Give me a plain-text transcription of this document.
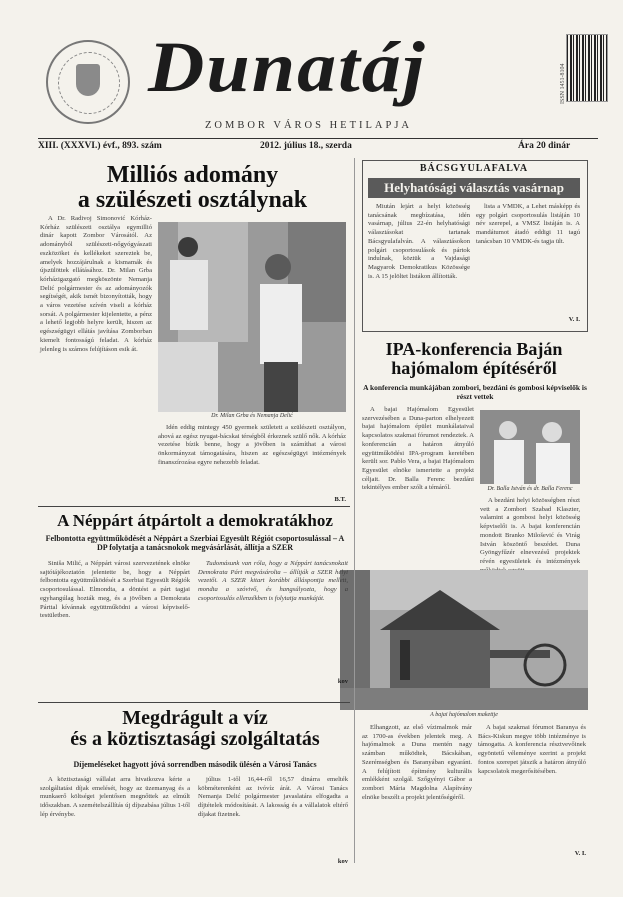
Dunatáj
ZOMBOR VÁROS HETILAPJA
ISSN 1451-8104
XIII. (XXXVI.) évf., 893. szám	2012. július 18., szerda	Ára 20 dinár
Milliós adomány
a szülészeti osztálynak

A Dr. Radivoj Simonović Kórház-Kórház szülészeti osztálya egymillió dinár kapott Zombor Városától. Az adományból szülészeti-nőgyógyászati eszközöket és kellékeket szereztek be, amelyek hozzájárulnak a kismamák és újszülöttek ellátásához. Dr. Milan Grba kórházigazgató megköszönte Nemanja Delić polgármester és az adományozók segítségét, akik ismét bizonyították, hogy a város vezetése szívén viseli a kórház sorsát. A polgármester kijelentette, a pénz a lehető legjobb helyre került, hiszen az egészségügyi ellátás javítása Zomborban kiemelt fontosságú feladat. A kórház jelenleg is számos felújításon esik át.

Dr. Milan Grba és Nemanja Delić

Idén eddig mintegy 450 gyermek született a szülészeti osztályon, ahová az egész nyugat-bácskai térségből érkeznek szülő nők. A kórház vezetése bízik benne, hogy a jövőben is számíthat a városi önkormányzat támogatására, hiszen az egészségügyi intézmények finanszírozása egyre nehezebb feladat.

B.T.
BÁCSGYULAFALVA
Helyhatósági választás vasárnap

Miután lejárt a helyi közösség tanácsának megbízatása, idén vasárnap, július 22-én helyhatósági választásokat tartanak Bácsgyulafalván. A választásokon polgári csoportosulások és pártok indulnak, köztük a Vajdasági Magyarok Demokratikus Közössége is. A 15 jelöltet listákon állították.

lista a VMDK, a Lehet másképp és egy polgári csoportosulás listáján 10 név szerepel, a VMSZ listáján is. A mandátumot átadó eddigi 11 tagú tanácsban 10 VMDK-és tagja ült.

V. I.
IPA-konferencia Baján
hajómalom építéséről
A konferencia munkájában zombori, bezdáni és gombosi képviselők is részt vettek

A bajai Hajómalom Egyesület szervezésében a Duna-parton elhelyezett bajai hajómalom épület munkálataival kapcsolatos szakmai fórumot rendeztek. A konferencián a határon átnyúló együttműködési IPA-program keretében került sor. Pablo Vera, a bajai Hajómalom Egyesület elnöke ismertette a projekt céljait. Dr. Balla Ferenc bezdáni tekintélyes ember szólt a témáról.	Dr. Balla István és dr. Balla Ferenc

A bezdáni helyi közösségben részt vett a Zombori Szabad Klaszter, valamint a gombosi helyi közösség képviselői is. A bajai konferencián mondott Branko Milošević és Virág István köszöntő beszédet. Duna Gyöngyfűzér elnevezésű projektek révén egyesületek és intézmények

A bajai hajómalom makettje

Elhangzott, az első vízimalmok már az 1700-as években jelentek meg. A hajómalmok a Duna mentén nagy számban működtek, Bácskában, Szerémségben és Baranyában egyaránt. A felújított építmény kulturális emlékként szolgál. Szőgyényi Gábor a zombori Mária Magdolna Alapítvány elnöke beszélt a projekt jelentőségéről.

A bajai szakmai fórumot Baranya és Bács-Kiskun megye több intézménye is támogatta. A konferencia résztvevőinek egyöntetű véleménye szerint a projekt fontos szerepet játszik a határon átnyúló kapcsolatok megerősítésében.

V. I.
A Néppárt átpártolt a demokratákhoz
Felbontotta együttműködését a Néppárt a Szerbiai Egyesült Régiót csoportosulással – A DP folytatja a tanácsnokok megvásárlását, állítja a SZER

Siniša Milić, a Néppárt városi szervezetének elnöke sajtótájékoztatón jelentette be, hogy a Néppárt felbontotta együttműködését a Szerbiai Egyesült Régiók csoportosulással. Elmondta, a döntést a párt tagjai egyhangúlag hozták meg, és a jövőben a Demokrata Párttal kívánnak együttműködni a városi képviselő-testületben.

Tudomásunk van róla, hogy a Néppárt tanácsnokait Demokrata Párt megvásárolta – állítják a SZER helyi vezetői. A SZER kitart korábbi álláspontja mellett, mondta a szóvivő, és hangsúlyozta, hogy a csoportosulás ellenzékben is folytatja munkáját.

kov
Megdrágult a víz
és a köztisztasági szolgáltatás
Díjemeléseket hagyott jóvá sorrendben második ülésén a Városi Tanács

A köztisztasági vállalat arra hivatkozva kérte a szolgáltatási díjak emelését, hogy az üzemanyag és a munkaerő költségei jelentősen megnőttek az elmúlt időszakban. A szemételszállítás új díjszabása július 1-től lép érvénybe.

július 1-től 16,44-ről 16,57 dinárra emelték köbméterenként az ivóvíz árát. A Városi Tanács Nemanja Delić polgármester javaslatára elfogadta a díjtételek módosítását. A lakosság és a vállalatok eltérő díjakat fizetnek.

kov
